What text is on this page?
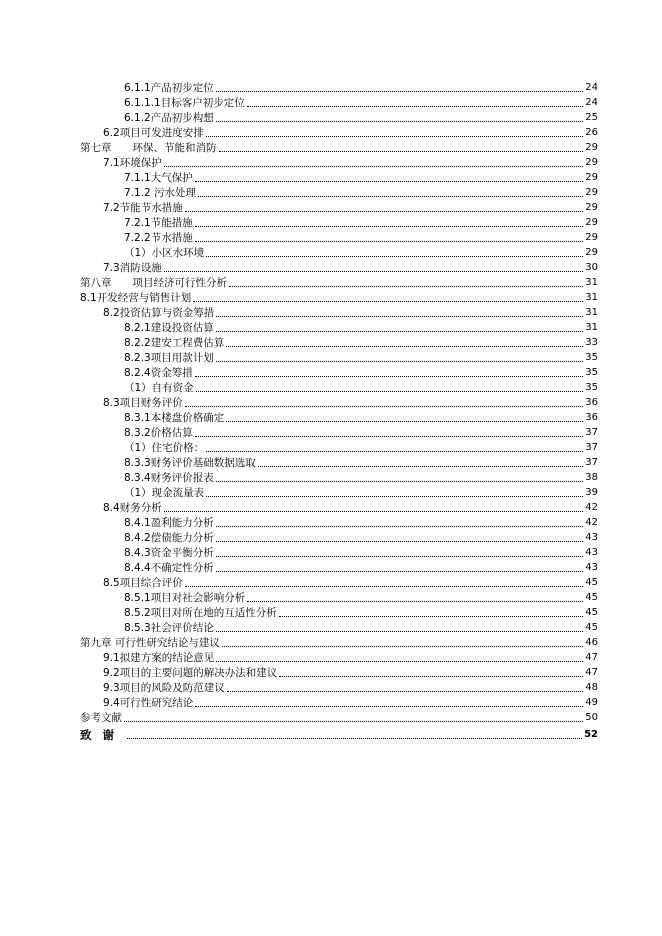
6.1.1产品初步定位	24
6.1.1.1目标客户初步定位	24
6.1.2产品初步构想	25
6.2项目可发进度安排	26
第七章　　环保、节能和消防	29
7.1环境保护	29
7.1.1大气保护	29
7.1.2 污水处理	29
7.2节能节水措施	29
7.2.1节能措施	29
7.2.2节水措施	29
（1）小区水环境	29
7.3消防设施	30
第八章　　项目经济可行性分析	31
8.1开发经营与销售计划	31
8.2投资估算与资金筹措	31
8.2.1建设投资估算	31
8.2.2建安工程费估算	33
8.2.3项目用款计划	35
8.2.4资金筹措	35
（1）自有资金	35
8.3项目财务评价	36
8.3.1本楼盘价格确定	36
8.3.2价格估算	37
（1）住宅价格：	37
8.3.3财务评价基础数据选取	37
8.3.4财务评价报表	38
（1）现金流量表	39
8.4财务分析	42
8.4.1盈利能力分析	42
8.4.2偿债能力分析	43
8.4.3资金平衡分析	43
8.4.4不确定性分析	43
8.5项目综合评价	45
8.5.1项目对社会影响分析	45
8.5.2项目对所在地的互适性分析	45
8.5.3社会评价结论	45
第九章 可行性研究结论与建议	46
9.1拟建方案的结论意见	47
9.2项目的主要问题的解决办法和建议	47
9.3项目的风险及防范建议	48
9.4可行性研究结论	49
参考文献	50
致谢	52
